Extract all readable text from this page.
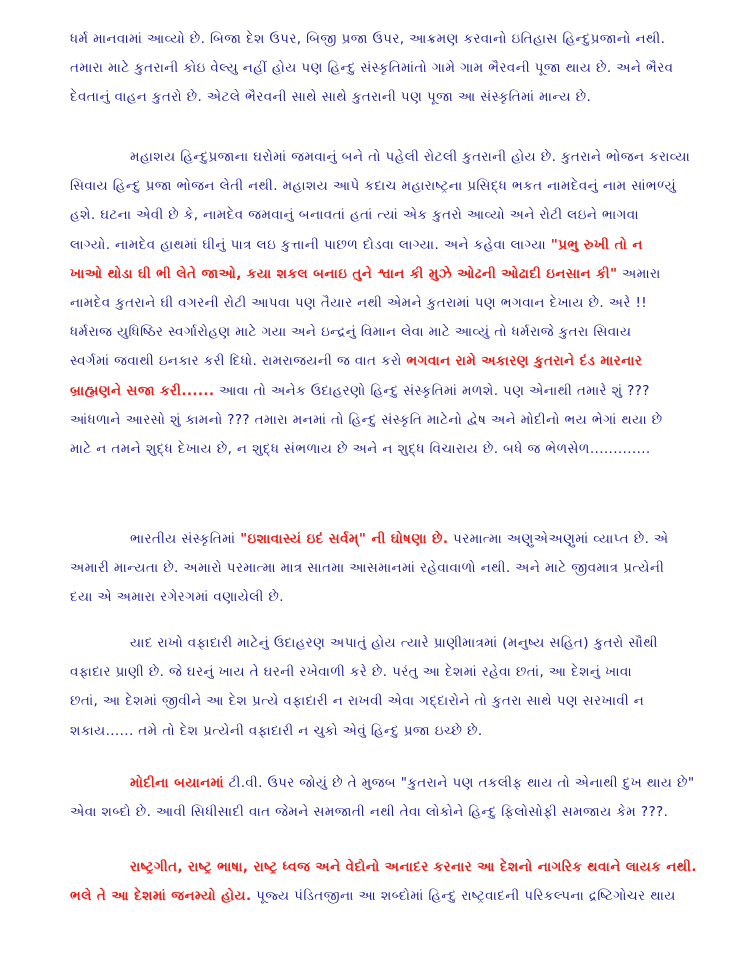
ધર્મ માનવામાં આવ્યો છે. બિજા દેશ ઉપર, બિજી પ્રજા ઉપર, આક્રમણ કરવાનો ઇતિહાસ હિન્દુપ્રજાનો નથી.
તમારા માટે કુતરાની કોઇ વેલ્યુ નહીં હોય પણ હિન્દુ સંસ્કૃતિમાંતો ગામે ગામ ભૈરવની પૂજા થાય છે. અને ભૈરવ
દેવતાનું વાહન કુતરો છે. એટલે ભૈરવની સાથે સાથે કુતરાની પણ પૂજા આ સંસ્કૃતિમાં માન્ય છે.
મહાશય હિન્દુપ્રજાના ઘરોમાં જમવાનું બને તો પહેલી રોટલી કુતરાની હોય છે. કુતરાને ભોજન કરાવ્યા
સિવાય હિન્દુ પ્રજા ભોજન લેતી નથી. મહાશય આપે કદાચ મહારાષ્ટ્રના પ્રસિદ્ધ ભકત નામદેવનું નામ સાંભળ્યું
હશે. ઘટના એવી છે કે, નામદેવ જમવાનું બનાવતાં હતાં ત્યાં એક કુતરો આવ્યો અને રોટી લઇને ભાગવા
લાગ્યો. નામદેવ હાથમાં ઘીનું પાત્ર લઇ કુત્તાની પાછળ દોડવા લાગ્યા. અને કહેવા લાગ્યા "પ્રભુ રુખી તો ન
ખાઓ થોડા ઘી ભી લેતે જાઓ, કયા શકલ બનાઇ તુને શ્વાન કી મુઝે ઓઢની ઓઢાદી ઇનસાન કી" અમારા
નામદેવ કુતરાને ઘી વગરની રોટી આપવા પણ તૈયાર નથી એમને કુતરામાં પણ ભગવાન દેખાય છે. અરે !!
ધર્મરાજ યુધિષ્ઠિર સ્વર્ગારોહણ માટે ગયા અને ઇન્દ્રનું વિમાન લેવા માટે આવ્યું તો ધર્મરાજે કુતરા સિવાય
સ્વર્ગમાં જવાથી ઇનકાર કરી દિધો. રામરાજયની જ વાત કરો ભગવાન રામે અકારણ કુતરાને દંડ મારનાર
બ્રાહ્મણને સજા કરી...... આવા તો અનેક ઉદાહરણો હિન્દુ સંસ્કૃતિમાં મળશે. પણ એનાથી તમારે શું ???
આંધળાને આરસો શું કામનો ??? તમારા મનમાં તો હિન્દુ સંસ્કૃતિ માટેનો દ્વેષ અને મોદીનો ભય ભેગાં થયા છે
માટે ન તમને શુદ્ધ દેખાય છે, ન શુદ્ધ સંભળાય છે અને ન શુદ્ધ વિચારાય છે. બધે જ ભેળસેળ.............
ભારતીય સંસ્કૃતિમાં "ઇશાવાસ્યં ઇદં સર્વમ્" ની ઘોષણા છે. પરમાત્મા અણુએઅણુમાં વ્યાપ્ત છે. એ
અમારી માન્યતા છે. અમારો પરમાત્મા માત્ર સાતમા આસમાનમાં રહેવાવાળો નથી. અને માટે જીવમાત્ર પ્રત્યેની
દયા એ અમારા રગેરગમાં વણાયેલી છે.
યાદ રાખો વફાદારી માટેનું ઉદાહરણ અપાતું હોય ત્યારે પ્રાણીમાત્રમાં (મનુષ્ય સહિત) કુતરો સૌથી
વફાદાર પ્રાણી છે. જે ઘરનું ખાય તે ઘરની રખેવાળી કરે છે. પરંતુ આ દેશમાં રહેવા છતાં, આ દેશનું ખાવા
છતાં, આ દેશમાં જીવીને આ દેશ પ્રત્યે વફાદારી ન રાખવી એવા ગદ્દારોને તો કુતરા સાથે પણ સરખાવી ન
શકાય...... તમે તો દેશ પ્રત્યેની વફાદારી ન ચુકો એવું હિન્દુ પ્રજા ઇચ્છે છે.
મોદીના બયાનમાં ટી.વી. ઉપર જોયું છે તે મુજબ "કુતરાને પણ તકલીફ થાય તો એનાથી દુખ થાય છે"
એવા શબ્દો છે. આવી સિધીસાદી વાત જેમને સમજાતી નથી તેવા લોકોને હિન્દુ ફિલોસોફી સમજાય કેમ ???.
રાષ્ટ્રગીત, રાષ્ટ્ર ભાષા, રાષ્ટ્ર ધ્વજ અને વેદોનો અનાદર કરનાર આ દેશનો નાગરિક થવાને લાયક નથી.
ભલે તે આ દેશમાં જનમ્યો હોય. પૂજ્ય પંડિતજીના આ શબ્દોમાં હિન્દુ રાષ્ટ્રવાદની પરિકલ્પના દ્રષ્ટિગોચર થાય
